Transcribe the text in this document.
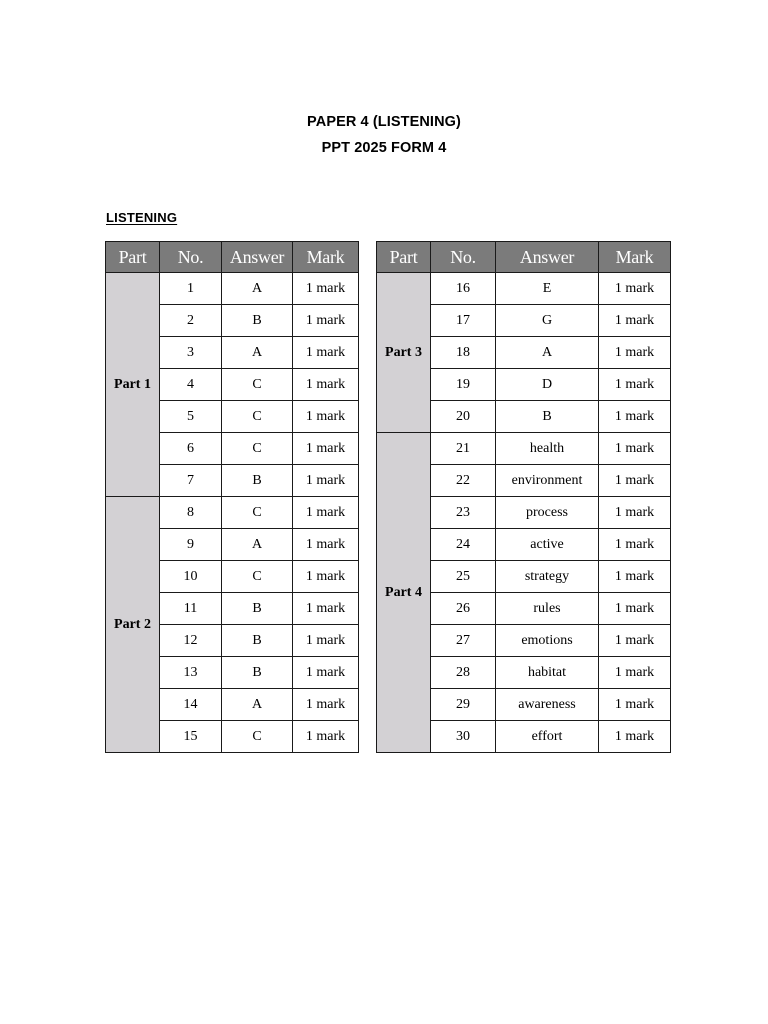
PAPER 4 (LISTENING)
PPT 2025 FORM 4
LISTENING
Part	No.	Answer	Mark
Part 1	1	A	1 mark
	2	B	1 mark
	3	A	1 mark
	4	C	1 mark
	5	C	1 mark
	6	C	1 mark
	7	B	1 mark
Part 2	8	C	1 mark
	9	A	1 mark
	10	C	1 mark
	11	B	1 mark
	12	B	1 mark
	13	B	1 mark
	14	A	1 mark
	15	C	1 mark
Part	No.	Answer	Mark
Part 3	16	E	1 mark
	17	G	1 mark
	18	A	1 mark
	19	D	1 mark
	20	B	1 mark
Part 4	21	health	1 mark
	22	environment	1 mark
	23	process	1 mark
	24	active	1 mark
	25	strategy	1 mark
	26	rules	1 mark
	27	emotions	1 mark
	28	habitat	1 mark
	29	awareness	1 mark
	30	effort	1 mark
